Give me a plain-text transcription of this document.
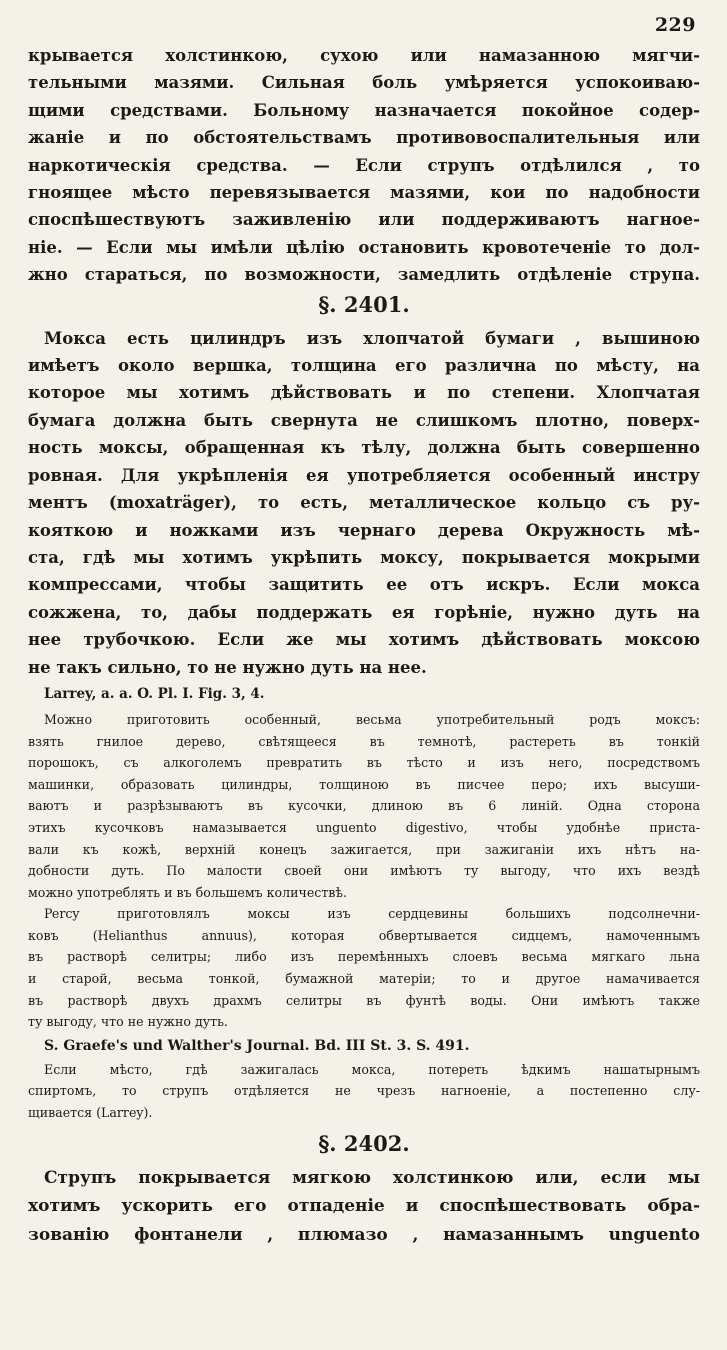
229
крывается холстинкою, сухою или намазанною мягчи-
тельными мазями. Сильная боль умѣряется успокоиваю-
щими средствами. Больному назначается покойное содер-
жаніе и по обстоятельствамъ противовоспалительныя или
наркотическія средства. — Если струпъ отдѣлился , то
гноящее мѣсто перевязывается мазями, кои по надобности
споспѣшествуютъ заживленію или поддерживаютъ нагное-
ніе. — Если мы имѣли цѣлію остановить кровотеченіе то дол-
жно стараться, по возможности, замедлить отдѣленіе струпа.
§. 2401.
Мокса есть цилиндръ изъ хлопчатой бумаги , вышиною
имѣетъ около вершка, толщина его различна по мѣсту, на
которое мы хотимъ дѣйствовать и по степени. Хлопчатая
бумага должна быть свернута не слишкомъ плотно, поверх-
ность моксы, обращенная къ тѣлу, должна быть совершенно
ровная. Для укрѣпленія ея употребляется особенный инстру
ментъ (moxaträger), то есть, металлическое кольцо съ ру-
кояткою и ножками изъ чернаго дерева Окружность мѣ-
ста, гдѣ мы хотимъ укрѣпить моксу, покрывается мокрыми
компрессами, чтобы защитить ее отъ искръ. Если мокса
сожжена, то, дабы поддержать ея горѣніе, нужно дуть на
нее трубочкою. Если же мы хотимъ дѣйствовать моксою
не такъ сильно, то не нужно дуть на нее.
Larrey, a. a. O. Pl. I. Fig. 3, 4.
Можно приготовить особенный, весьма употребительный родъ моксъ:
взять гнилое дерево, свѣтящееся въ темнотѣ, растереть въ тонкій
порошокъ, съ алкоголемъ превратить въ тѣсто и изъ него, посредствомъ
машинки, образовать цилиндры, толщиною въ писчее перо; ихъ высуши-
ваютъ и разрѣзываютъ въ кусочки, длиною въ 6 линій. Одна сторона
этихъ кусочковъ намазывается unguento digestivo, чтобы удобнѣе пристa-
вали къ кожѣ, верхній конецъ зажигается, при зажиганіи ихъ нѣтъ на-
добности дуть. По малости своей они имѣютъ ту выгоду, что ихъ вездѣ
можно употреблять и въ большемъ количествѣ.
Percy приготовлялъ моксы изъ сердцевины большихъ подсолнечни-
ковъ (Helianthus annuus), которая обвертывается сидцемъ, намоченнымъ
въ растворѣ селитры; либо изъ перемѣнныхъ слоевъ весьма мягкаго льна
и старой, весьма тонкой, бумажной матеріи; то и другое намачивается
въ растворѣ двухъ драхмъ селитры въ фунтѣ воды. Они имѣютъ также
ту выгоду, что не нужно дуть.
S. Graefe's und Walther's Journal. Bd. III St. 3. S. 491.
Если мѣсто, гдѣ зажигалась мокса, потереть ѣдкимъ нашатырнымъ
спиртомъ, то струпъ отдѣляется не чрезъ нагноеніе, а постепенно слу-
щивается (Larrey).
§. 2402.
Струпъ покрывается мягкою холстинкою или, если мы
хотимъ ускорить его отпаденіе и споспѣшествовать обра-
зованію фонтанели , плюмазо , намазаннымъ unguento
